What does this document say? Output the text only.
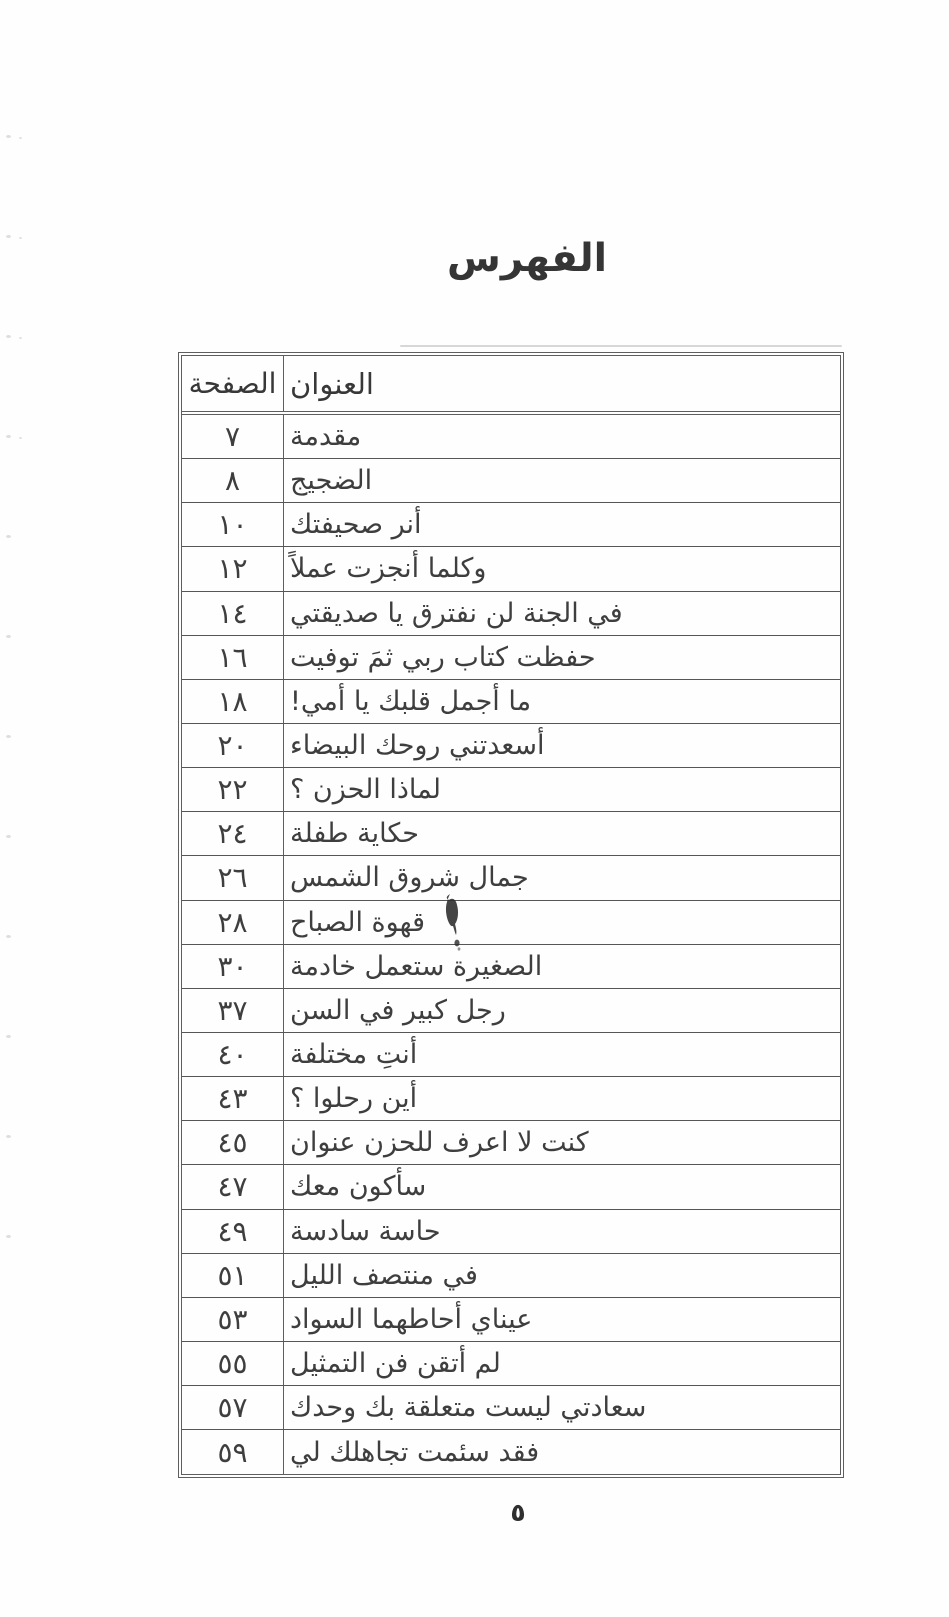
الفهرس
الصفحة العنوان
٧	مقدمة
٨	الضجيج
١٠	أنر صحيفتك
١٢	وكلما أنجزت عملاً
١٤	في الجنة لن نفترق يا صديقتي
١٦	حفظت كتاب ربي ثمَ توفيت
١٨	ما أجمل قلبك يا أمي!
٢٠	أسعدتني روحك البيضاء
٢٢	لماذا الحزن ؟
٢٤	حكاية طفلة
٢٦	جمال شروق الشمس
٢٨	قهوة الصباح
٣٠	الصغيرة ستعمل خادمة
٣٧	رجل كبير في السن
٤٠	أنتِ مختلفة
٤٣	أين رحلوا ؟
٤٥	كنت لا اعرف للحزن عنوان
٤٧	سأكون معك
٤٩	حاسة سادسة
٥١	في منتصف الليل
٥٣	عيناي أحاطهما السواد
٥٥	لم أتقن فن التمثيل
٥٧	سعادتي ليست متعلقة بك وحدك
٥٩	فقد سئمت تجاهلك لي
٥
